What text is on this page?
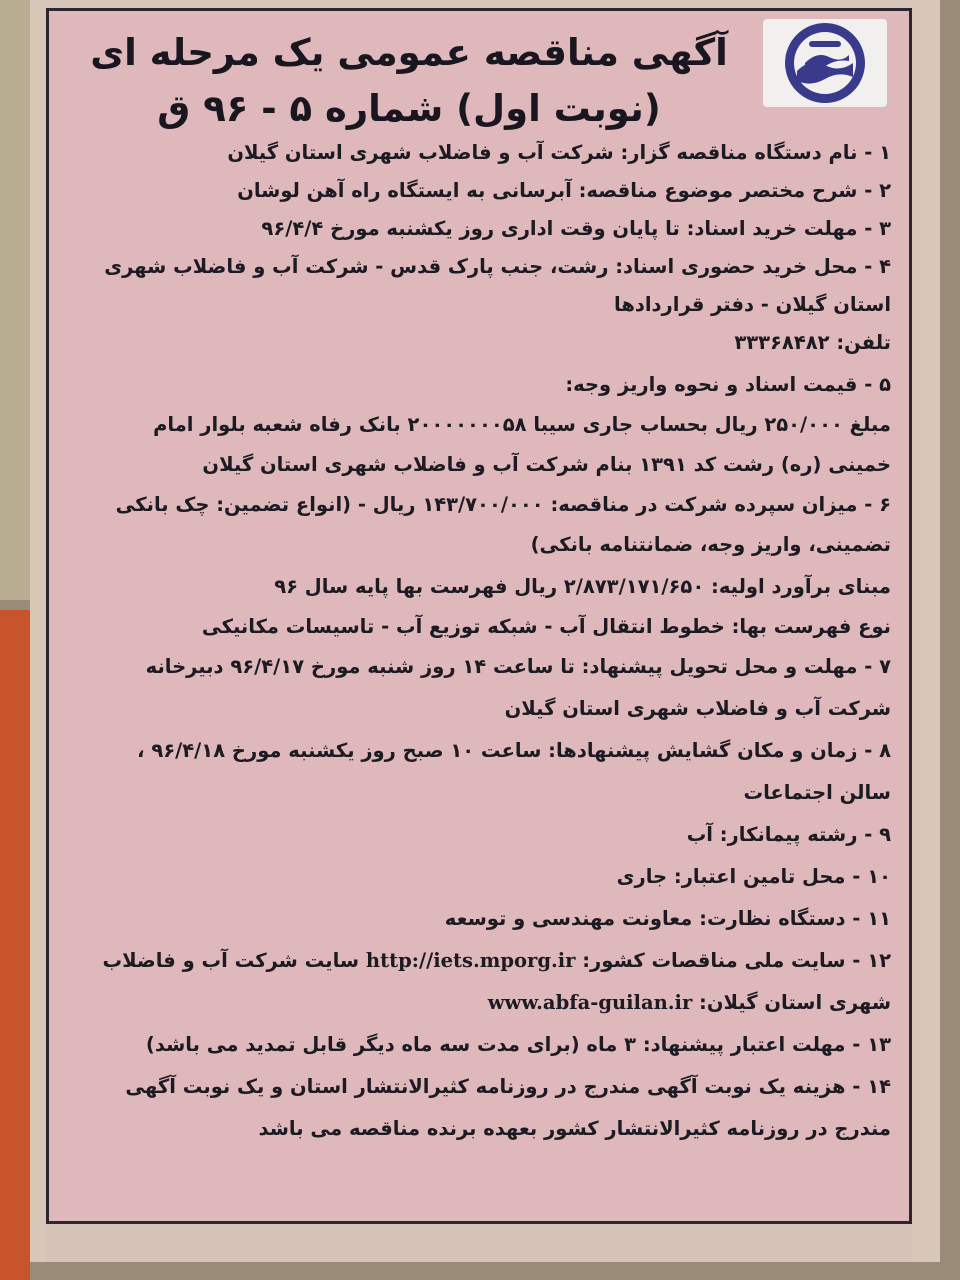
آگهی مناقصه عمومی یک مرحله ای
(نوبت اول) شماره ۵ - ۹۶ ق
۱ - نام دستگاه مناقصه گزار: شرکت آب و فاضلاب شهری استان گیلان
۲ - شرح مختصر موضوع مناقصه: آبرسانی به ایستگاه راه آهن لوشان
۳ - مهلت خرید اسناد: تا پایان وقت اداری روز یکشنبه مورخ ۹۶/۴/۴
۴ - محل خرید حضوری اسناد: رشت، جنب پارک قدس - شرکت آب و فاضلاب شهری
استان گیلان - دفتر قراردادها
تلفن: ۳۳۳۶۸۴۸۲
۵ - قیمت اسناد و نحوه واریز وجه:
مبلغ ۲۵۰/۰۰۰ ریال بحساب جاری سیبا ۲۰۰۰۰۰۰۰۵۸ بانک رفاه شعبه بلوار امام
خمینی (ره) رشت کد ۱۳۹۱ بنام شرکت آب و فاضلاب شهری استان گیلان
۶ - میزان سپرده شرکت در مناقصه: ۱۴۳/۷۰۰/۰۰۰ ریال - (انواع تضمین: چک بانکی
تضمینی، واریز وجه، ضمانتنامه بانکی)
مبنای برآورد اولیه: ۲/۸۷۳/۱۷۱/۶۵۰ ریال فهرست بها پایه سال ۹۶
نوع فهرست بها: خطوط انتقال آب - شبکه توزیع آب - تاسیسات مکانیکی
۷ - مهلت و محل تحویل پیشنهاد: تا ساعت ۱۴ روز شنبه مورخ ۹۶/۴/۱۷ دبیرخانه
شرکت آب و فاضلاب شهری استان گیلان
۸ - زمان و مکان گشایش پیشنهادها: ساعت ۱۰ صبح روز یکشنبه مورخ ۹۶/۴/۱۸ ،
سالن اجتماعات
۹ - رشته پیمانکار: آب
۱۰ - محل تامین اعتبار: جاری
۱۱ - دستگاه نظارت: معاونت مهندسی و توسعه
۱۲ - سایت ملی مناقصات کشور: http://iets.mporg.ir سایت شرکت آب و فاضلاب
شهری استان گیلان: www.abfa-guilan.ir
۱۳ - مهلت اعتبار پیشنهاد: ۳ ماه (برای مدت سه ماه دیگر قابل تمدید می باشد)
۱۴ - هزینه یک نوبت آگهی مندرج در روزنامه کثیرالانتشار استان و یک نوبت آگهی
مندرج در روزنامه کثیرالانتشار کشور بعهده برنده مناقصه می باشد
